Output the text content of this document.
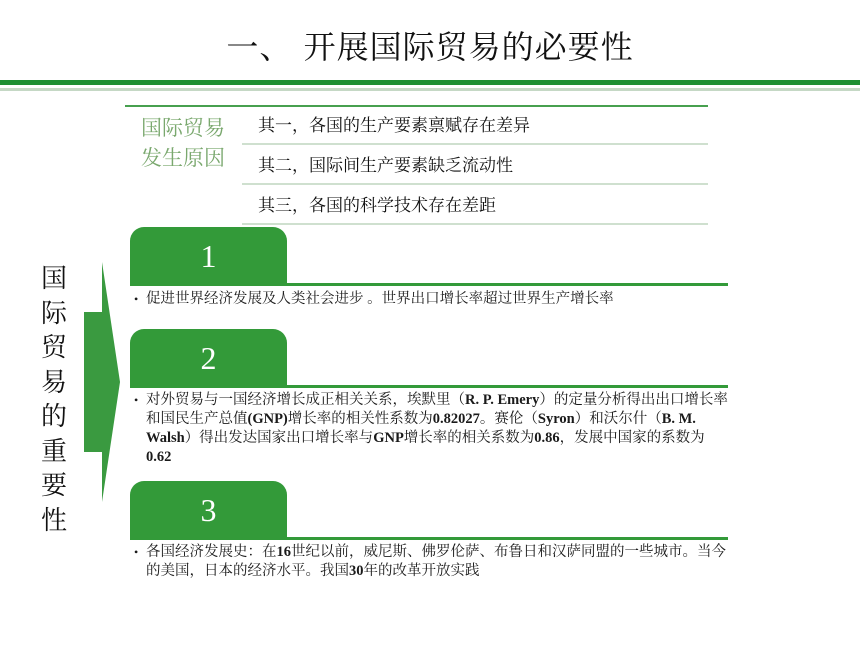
一、 开展国际贸易的必要性
国际贸易
发生原因
其一，各国的生产要素禀赋存在差异
其二，国际间生产要素缺乏流动性
其三，各国的科学技术存在差距
国
际
贸
易
的
重
要
性
1
• 促进世界经济发展及人类社会进步 。世界出口增长率超过世界生产增长率
2
• 对外贸易与一国经济增长成正相关关系，埃默里（R. P. Emery）的定量分析得出出口增长率和国民生产总值(GNP)增长率的相关性系数为0.82027。赛伦（Syron）和沃尔什（B. M. Walsh）得出发达国家出口增长率与GNP增长率的相关系数为0.86，发展中国家的系数为0.62
3
• 各国经济发展史：在16世纪以前，威尼斯、佛罗伦萨、布鲁日和汉萨同盟的一些城市。当今的美国，日本的经济水平。我国30年的改革开放实践
